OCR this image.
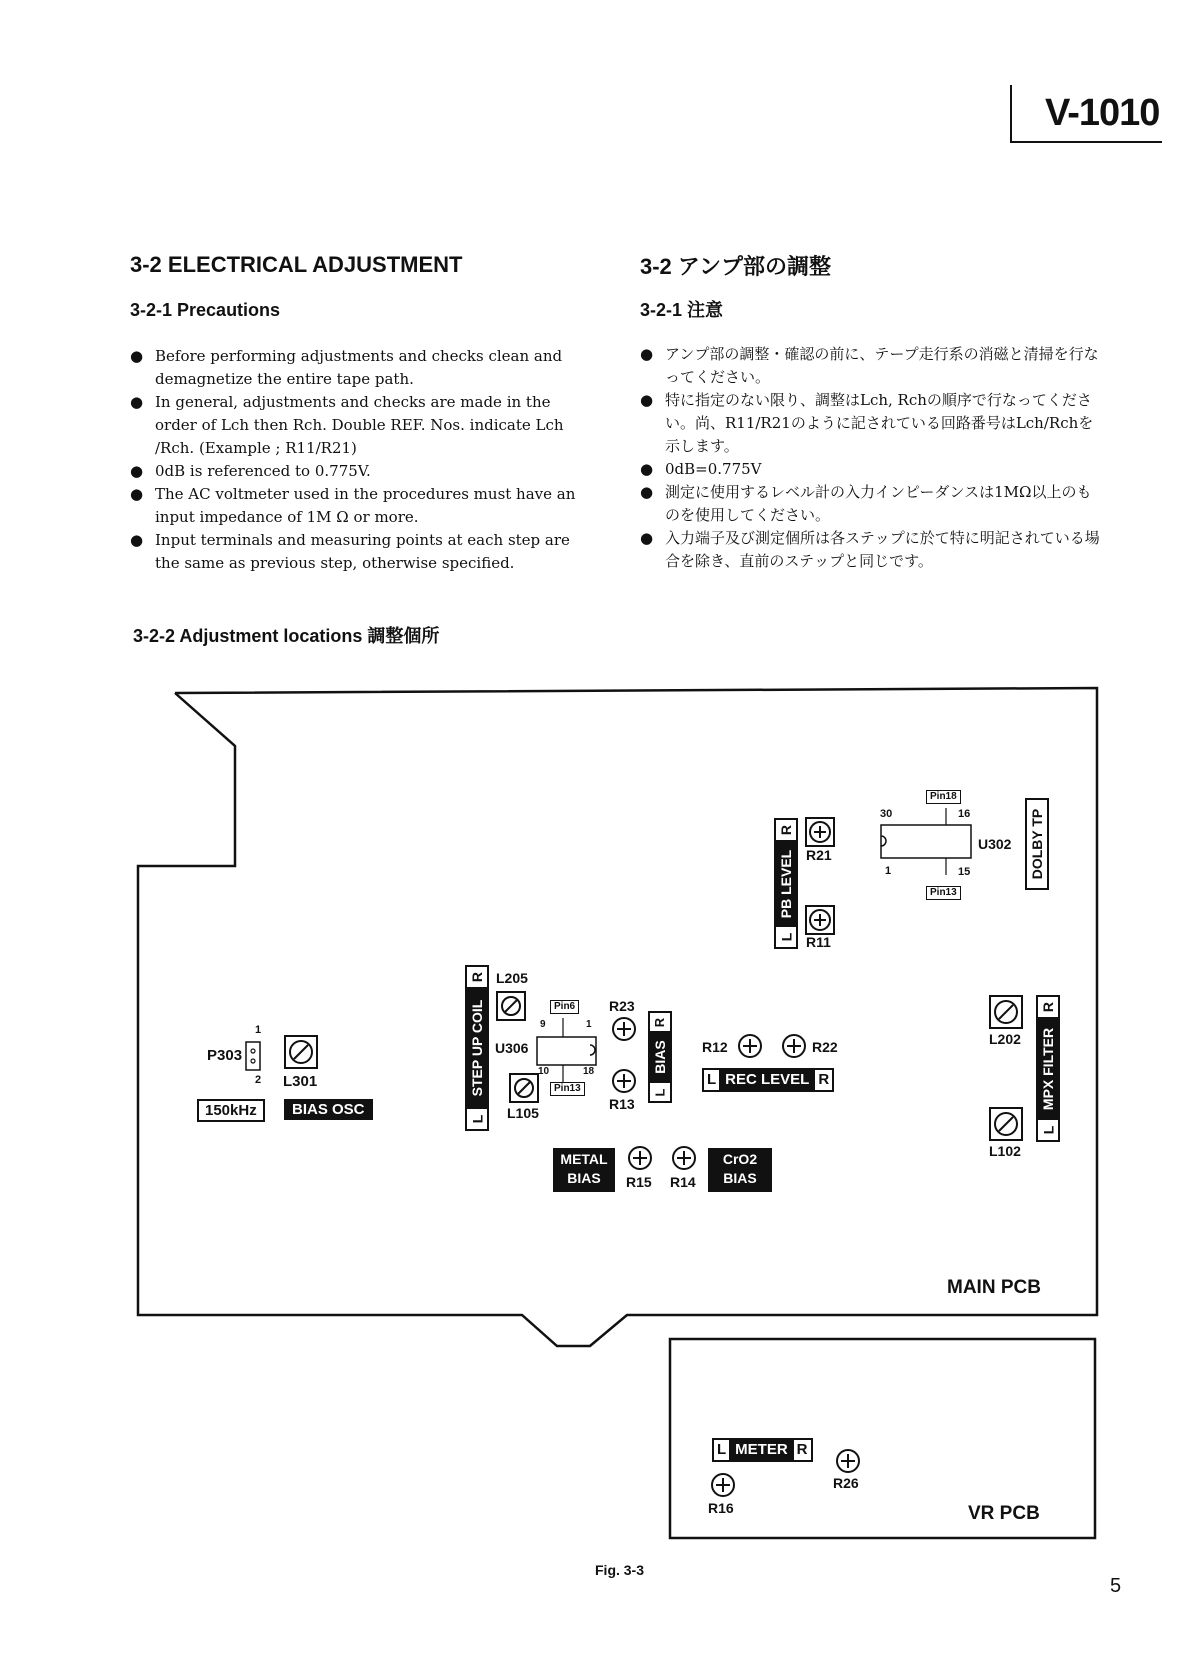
V-1010
3-2 ELECTRICAL ADJUSTMENT
3-2-1 Precautions
● Before performing adjustments and checks clean and demagnetize the entire tape path.
● In general, adjustments and checks are made in the order of Lch then Rch. Double REF. Nos. indicate Lch /Rch. (Example ; R11/R21)
● 0dB is referenced to 0.775V.
● The AC voltmeter used in the procedures must have an input impedance of 1M Ω or more.
● Input terminals and measuring points at each step are the same as previous step, otherwise specified.
3-2 アンプ部の調整
3-2-1 注意
● アンプ部の調整・確認の前に、テープ走行系の消磁と清掃を行なってください。
● 特に指定のない限り、調整はLch, Rchの順序で行なってください。尚、R11/R21のように記されている回路番号はLch/Rchを示します。
● 0dB=0.775V
● 測定に使用するレベル計の入力インピーダンスは1MΩ以上のものを使用してください。
● 入力端子及び測定個所は各ステップに於て特に明記されている場合を除き、直前のステップと同じです。
3-2-2 Adjustment locations 調整個所
MAIN PCB
VR PCB
P303
1
2 L301
150kHz	BIAS OSC
L
STEP UP COIL
R L205
L105
U306
Pin6
Pin13
9	1
10	18
R23
R13
L
BIAS
R
R12	R22
L REC LEVEL R
METAL
BIAS	R15 R14
CrO2
BIAS
L
PB LEVEL
R
R21
R11
Pin18
Pin13
30	16
1	15
U302 DOLBY TP
L
MPX FILTER
R
L202
L102
L METER R
R16
R26
Fig. 3-3
5
